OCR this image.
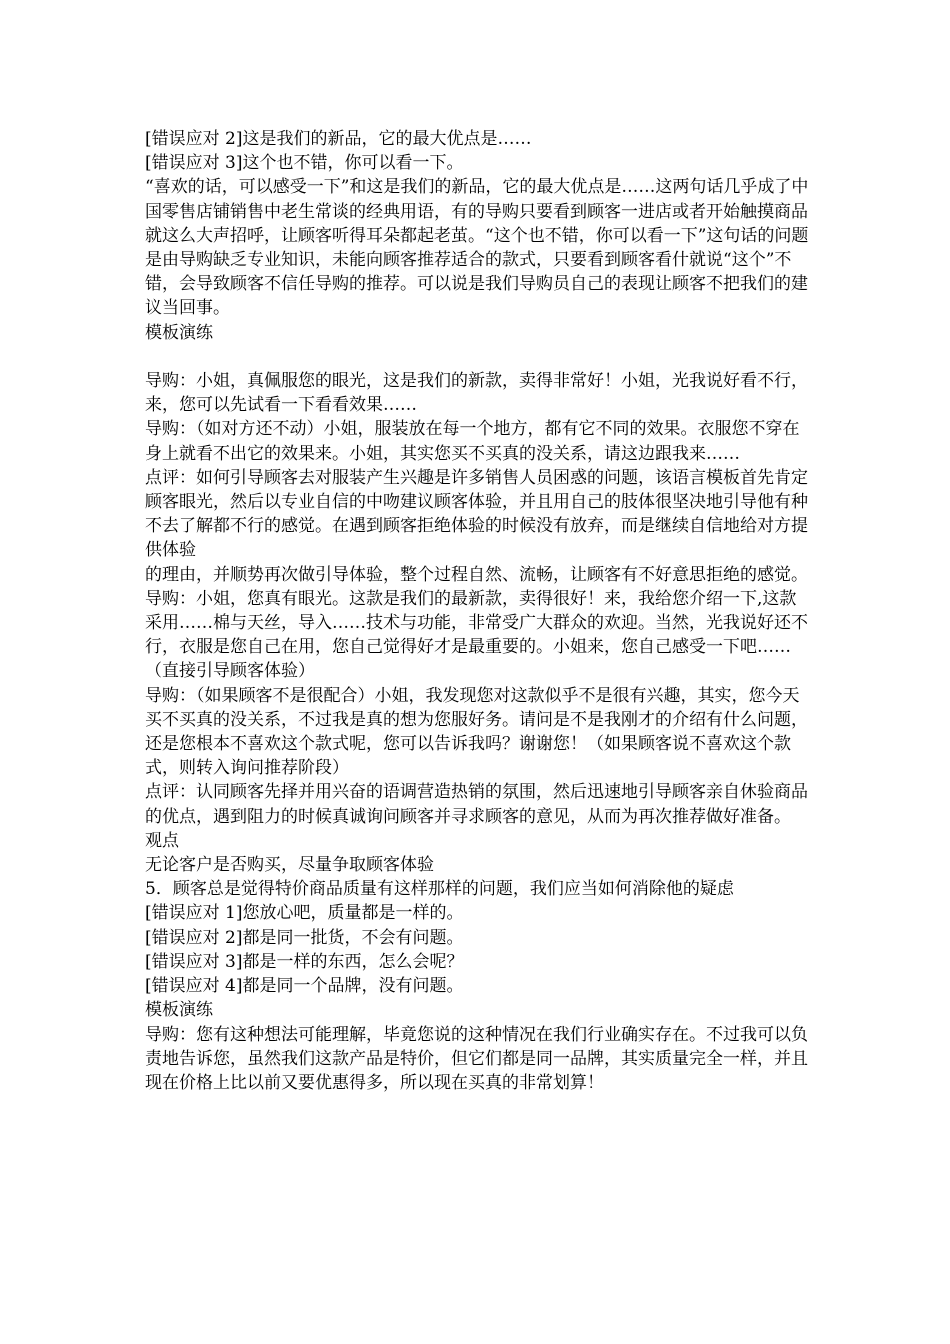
[错误应对 2]这是我们的新品，它的最大优点是……

[错误应对 3]这个也不错，你可以看一下。

“喜欢的话，可以感受一下”和这是我们的新品，它的最大优点是……这两句话几乎成了中国零售店铺销售中老生常谈的经典用语，有的导购只要看到顾客一进店或者开始触摸商品就这么大声招呼，让顾客听得耳朵都起老茧。“这个也不错，你可以看一下”这句话的问题是由导购缺乏专业知识，未能向顾客推荐适合的款式，只要看到顾客看什就说“这个”不错，会导致顾客不信任导购的推荐。可以说是我们导购员自己的表现让顾客不把我们的建议当回事。

模板演练

导购：小姐，真佩服您的眼光，这是我们的新款，卖得非常好！小姐，光我说好看不行，来，您可以先试看一下看看效果……

导购：（如对方还不动）小姐，服装放在每一个地方，都有它不同的效果。衣服您不穿在身上就看不出它的效果来。小姐，其实您买不买真的没关系，请这边跟我来……

点评：如何引导顾客去对服装产生兴趣是许多销售人员困惑的问题，该语言模板首先肯定顾客眼光，然后以专业自信的中吻建议顾客体验，并且用自己的肢体很坚决地引导他有种不去了解都不行的感觉。在遇到顾客拒绝体验的时候没有放弃，而是继续自信地给对方提供体验

的理由，并顺势再次做引导体验，整个过程自然、流畅，让顾客有不好意思拒绝的感觉。

导购：小姐，您真有眼光。这款是我们的最新款，卖得很好！来，我给您介绍一下,这款采用……棉与天丝，导入……技术与功能，非常受广大群众的欢迎。当然，光我说好还不行，衣服是您自己在用，您自己觉得好才是最重要的。小姐来，您自己感受一下吧……（直接引导顾客体验）

导购：（如果顾客不是很配合）小姐，我发现您对这款似乎不是很有兴趣，其实，您今天买不买真的没关系，不过我是真的想为您服好务。请问是不是我刚才的介绍有什么问题，还是您根本不喜欢这个款式呢，您可以告诉我吗？谢谢您！（如果顾客说不喜欢这个款式，则转入询问推荐阶段）

点评：认同顾客先择并用兴奋的语调营造热销的氛围，然后迅速地引导顾客亲自休验商品的优点，遇到阻力的时候真诚询问顾客并寻求顾客的意见，从而为再次推荐做好准备。

观点

无论客户是否购买，尽量争取顾客体验

5．顾客总是觉得特价商品质量有这样那样的问题，我们应当如何消除他的疑虑

[错误应对 1]您放心吧，质量都是一样的。

[错误应对 2]都是同一批货，不会有问题。

[错误应对 3]都是一样的东西，怎么会呢？

[错误应对 4]都是同一个品牌，没有问题。

模板演练

导购：您有这种想法可能理解，毕竟您说的这种情况在我们行业确实存在。不过我可以负责地告诉您，虽然我们这款产品是特价，但它们都是同一品牌，其实质量完全一样，并且现在价格上比以前又要优惠得多，所以现在买真的非常划算！
